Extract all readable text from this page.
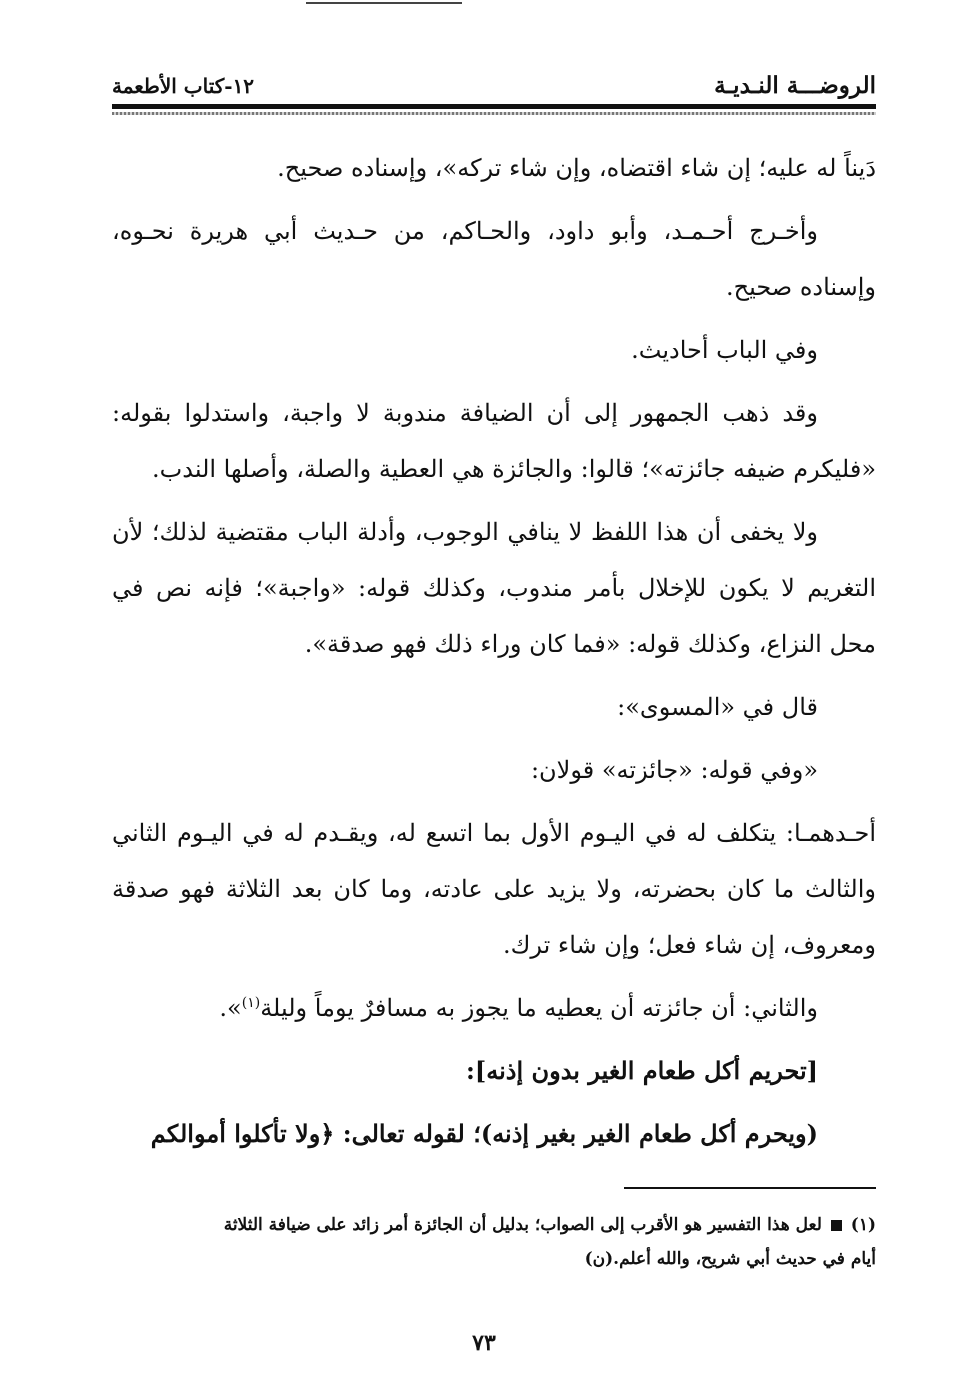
الروضـــة النـديـة
١٢-كتاب الأطعمة

دَيناً له عليه؛ إن شاء اقتضاه، وإن شاء تركه»، وإسناده صحيح.

وأخـرج أحـمـد، وأبو داود، والحـاكم، من حـديث أبي هريرة نحـوه، وإسناده صحيح.

وفي الباب أحاديث.

وقد ذهب الجمهور إلى أن الضيافة مندوبة لا واجبة، واستدلوا بقوله: «فليكرم ضيفه جائزته»؛ قالوا: والجائزة هي العطية والصلة، وأصلها الندب.

ولا يخفى أن هذا اللفظ لا ينافي الوجوب، وأدلة الباب مقتضية لذلك؛ لأن التغريم لا يكون للإخلال بأمر مندوب، وكذلك قوله: «واجبة»؛ فإنه نص في محل النزاع، وكذلك قوله: «فما كان وراء ذلك فهو صدقة».

قال في «المسوى»:

«وفي قوله: «جائزته» قولان:

أحـدهمـا: يتكلف له في اليـوم الأول بما اتسع له، ويقـدم له في اليـوم الثاني والثالث ما كان بحضرته، ولا يزيد على عادته، وما كان بعد الثلاثة فهو صدقة ومعروف، إن شاء فعل؛ وإن شاء ترك.

والثاني: أن جائزته أن يعطيه ما يجوز به مسافرٌ يوماً وليلة$^{(١)}$».

[تحريم أكل طعام الغير بدون إذنه]:

(ويحرم أكل طعام الغير بغير إذنه)؛ لقوله تعالى: ﴿ولا تأكلوا أموالكم

(١)  لعل هذا التفسير هو الأقرب إلى الصواب؛ بدليل أن الجائزة أمر زائد على ضيافة الثلاثة

أيام في حديث أبي شريح، والله أعلم.(ن)

٧٣
